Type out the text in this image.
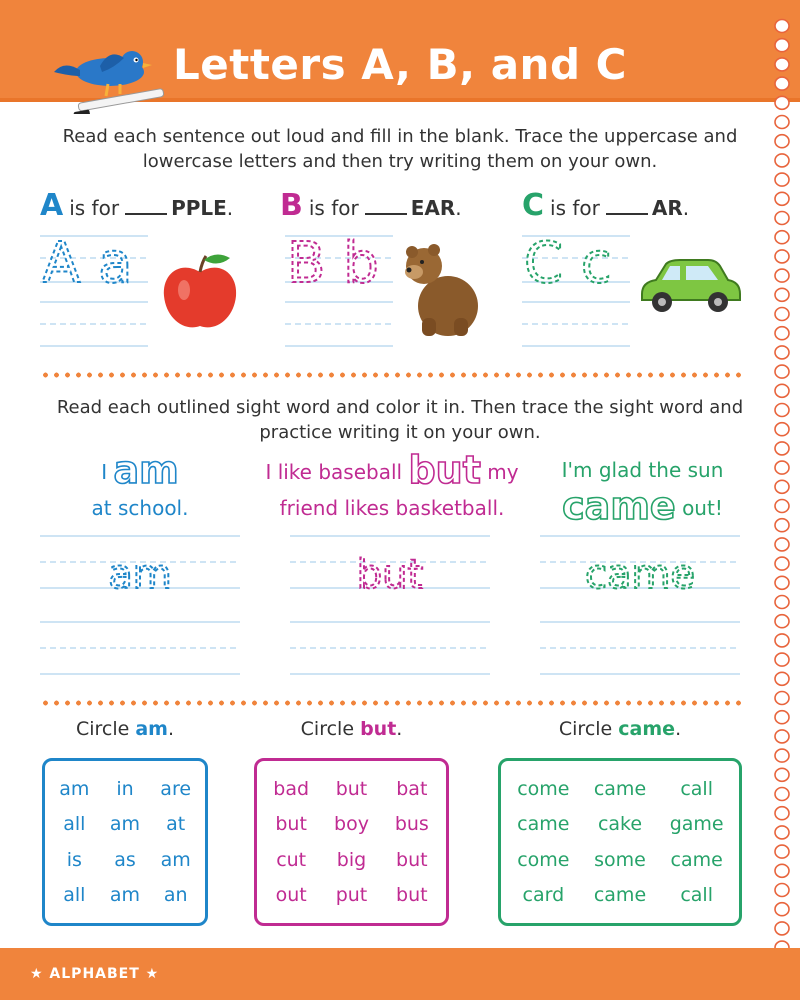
Letters A, B, and C
Read each sentence out loud and fill in the blank. Trace the uppercase and lowercase letters and then try writing them on your own.
Ais for	PPLE. Bis for	EAR. Cis for	AR.
A a	B b	C c
Read each outlined sight word and color it in. Then trace the sight word and practice writing it on your own.
I am
at school.
I like baseball but my
friend likes basketball.
I'm glad the sun
came out!
am	but	came
Circle am.	Circle but.	Circle came.
am	in	are
all	am	at
is	as	am
all	am	an
bad	but	bat
but	boy	bus
cut	big	but
out	put	but
come	came	call
came	cake	game
come	some	came
card	came	call
★ ALPHABET ★
